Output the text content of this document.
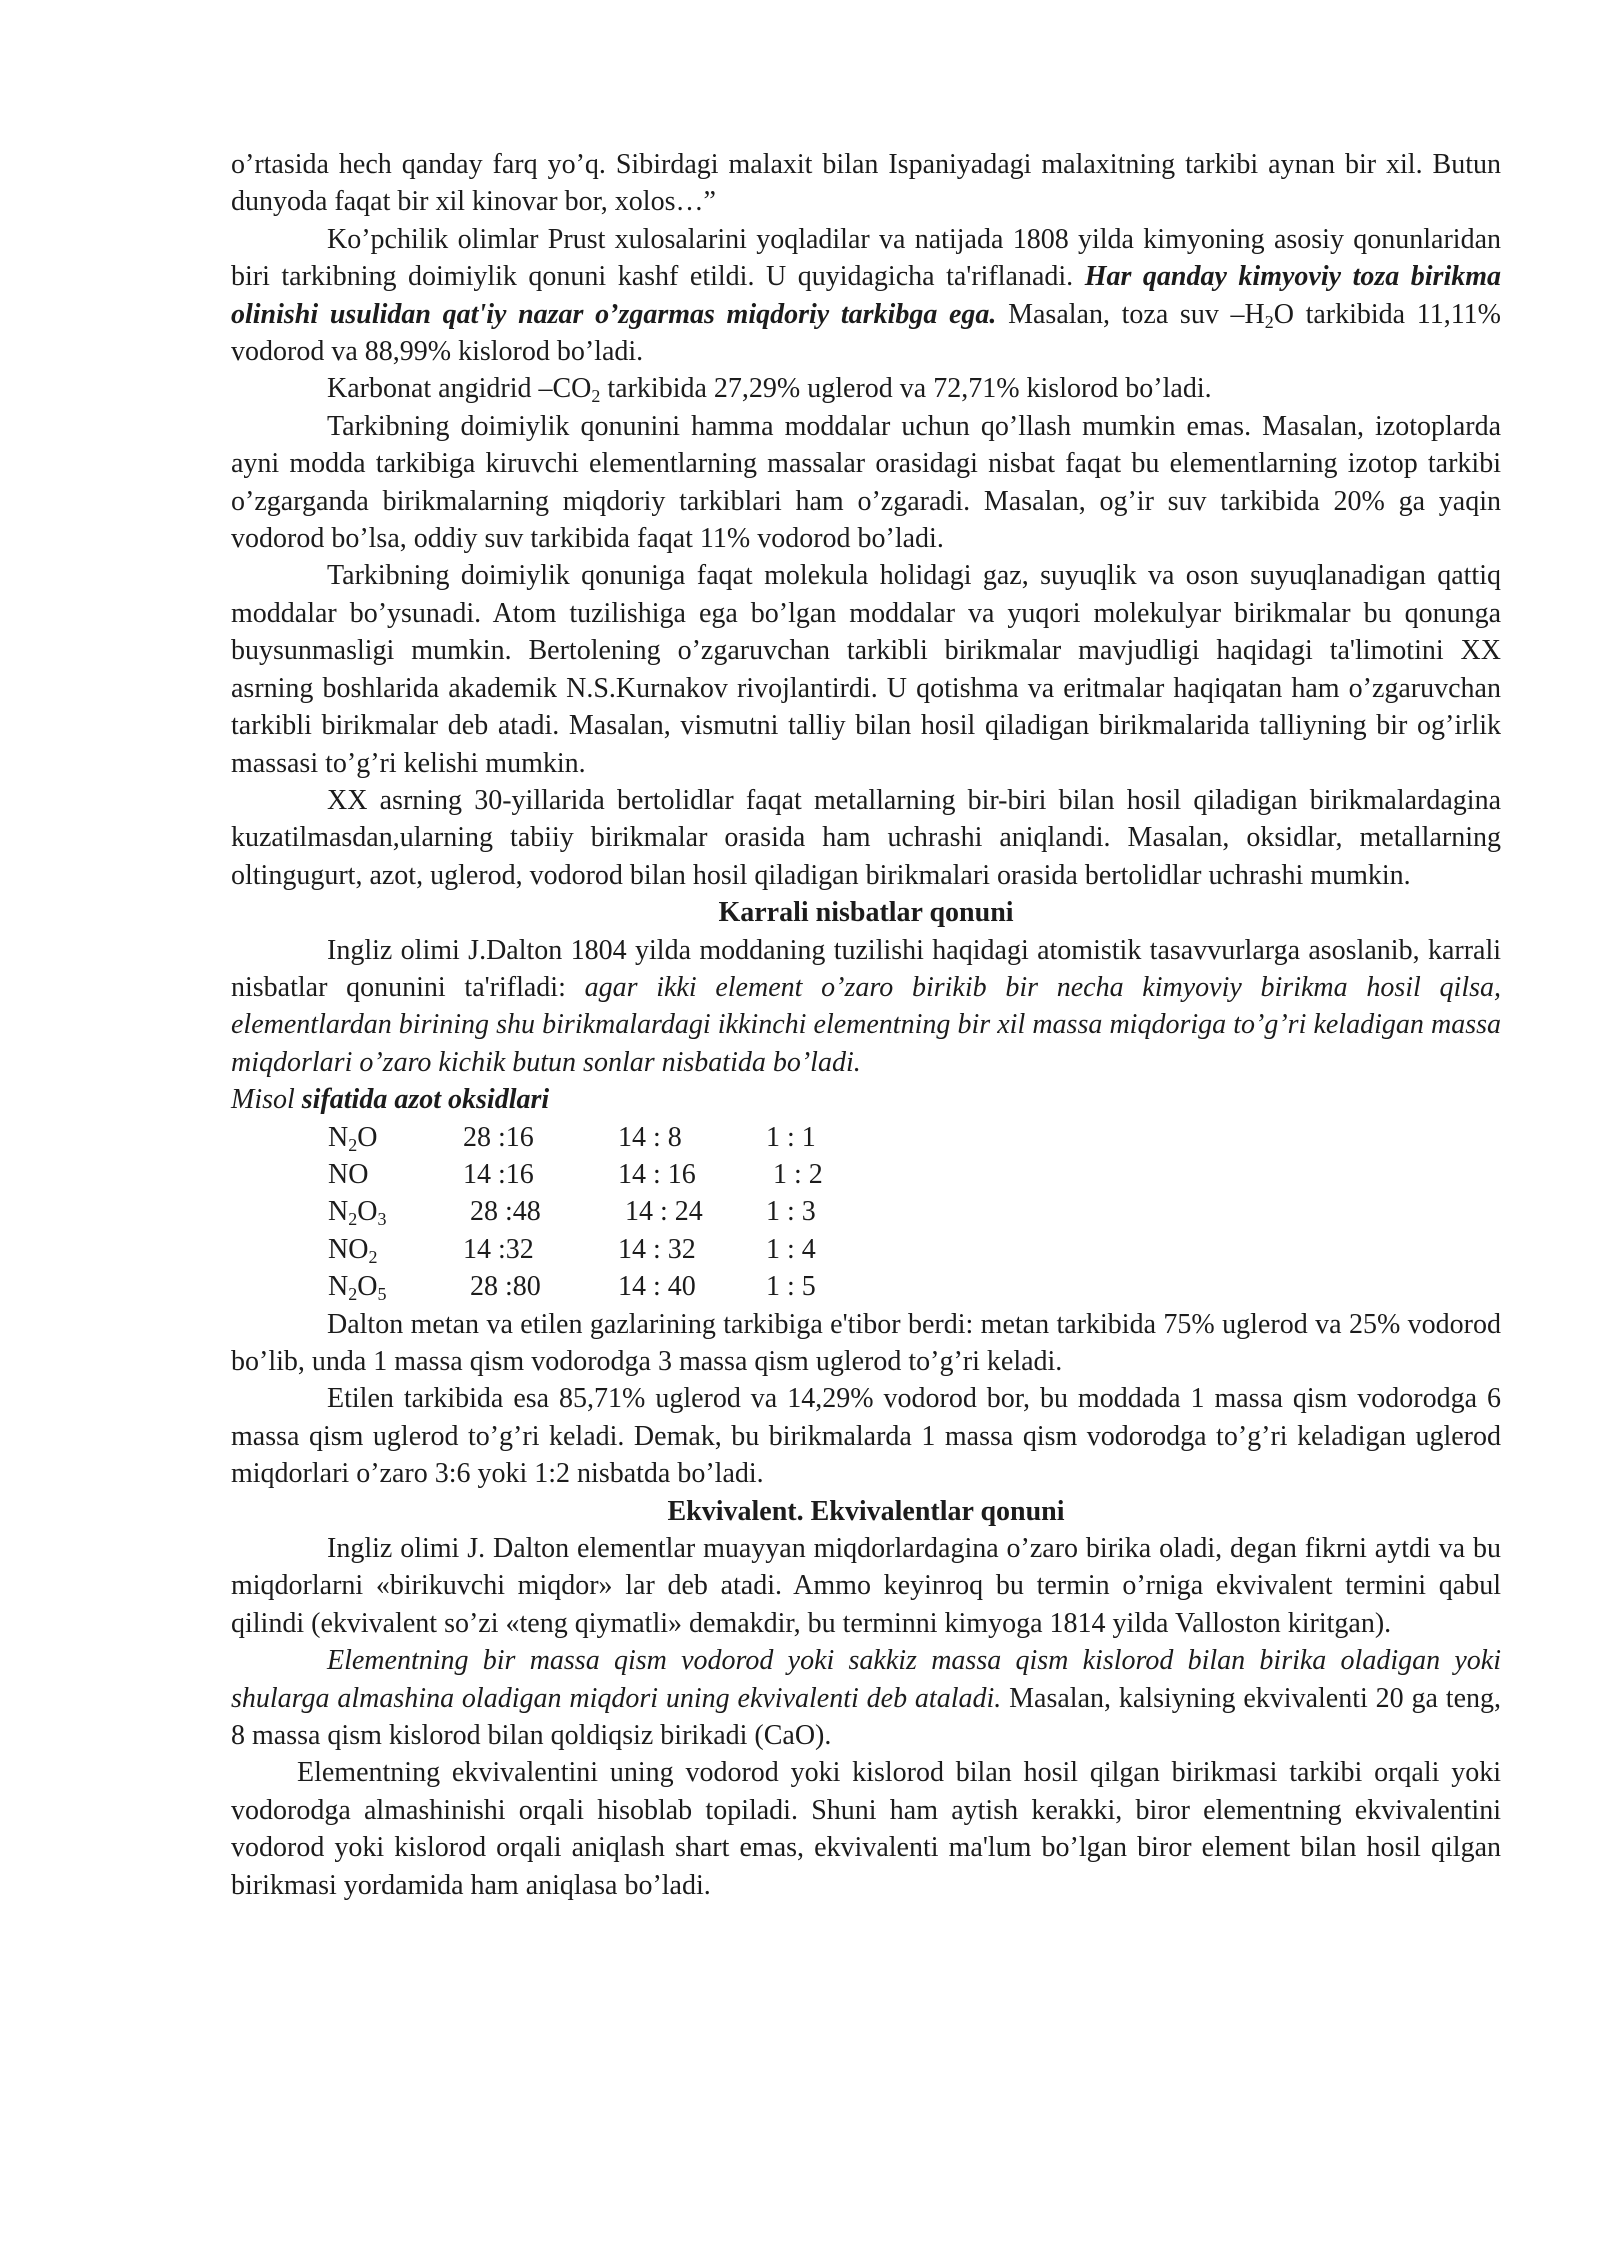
o’rtasida hech qanday farq yo’q. Sibirdagi malaxit bilan Ispaniyadagi malaxitning tarkibi aynan bir xil. Butun dunyoda faqat bir xil kinovar bor, xolos…”

Ko’pchilik olimlar Prust xulosalarini yoqladilar va natijada 1808 yilda kimyoning asosiy qonunlaridan biri tarkibning doimiylik qonuni kashf etildi. U quyidagicha ta'riflanadi. Har qanday kimyoviy toza birikma olinishi usulidan qat'iy nazar o’zgarmas miqdoriy tarkibga ega. Masalan, toza suv $-H_2O$ tarkibida 11,11% vodorod va 88,99% kislorod bo’ladi.

Karbonat angidrid $-CO_2$ tarkibida 27,29% uglerod va 72,71% kislorod bo’ladi.

Tarkibning doimiylik qonunini hamma moddalar uchun qo’llash mumkin emas. Masalan, izotoplarda ayni modda tarkibiga kiruvchi elementlarning massalar orasidagi nisbat faqat bu elementlarning izotop tarkibi o’zgarganda birikmalarning miqdoriy tarkiblari ham o’zgaradi. Masalan, og’ir suv tarkibida 20% ga yaqin vodorod bo’lsa, oddiy suv tarkibida faqat 11% vodorod bo’ladi.

Tarkibning doimiylik qonuniga faqat molekula holidagi gaz, suyuqlik va oson suyuqlanadigan qattiq moddalar bo’ysunadi. Atom tuzilishiga ega bo’lgan moddalar va yuqori molekulyar birikmalar bu qonunga buysunmasligi mumkin. Bertolening o’zgaruvchan tarkibli birikmalar mavjudligi haqidagi ta'limotini XX asrning boshlarida akademik N.S.Kurnakov rivojlantirdi. U qotishma va eritmalar haqiqatan ham o’zgaruvchan tarkibli birikmalar deb atadi. Masalan, vismutni talliy bilan hosil qiladigan birikmalarida talliyning bir og’irlik massasi to’g’ri kelishi mumkin.

XX asrning 30-yillarida bertolidlar faqat metallarning bir-biri bilan hosil qiladigan birikmalardagina kuzatilmasdan,ularning tabiiy birikmalar orasida ham uchrashi aniqlandi. Masalan, oksidlar, metallarning oltingugurt, azot, uglerod, vodorod bilan hosil qiladigan birikmalari orasida bertolidlar uchrashi mumkin.

Karrali nisbatlar qonuni

Ingliz olimi J.Dalton 1804 yilda moddaning tuzilishi haqidagi atomistik tasavvurlarga asoslanib, karrali nisbatlar qonunini ta'rifladi: agar ikki element o’zaro birikib bir necha kimyoviy birikma hosil qilsa, elementlardan birining shu birikmalardagi ikkinchi elementning bir xil massa miqdoriga to’g’ri keladigan massa miqdorlari o’zaro kichik butun sonlar nisbatida bo’ladi.

Misol sifatida azot oksidlari

$N_2O$	28 :16	14 : 8	1 : 1
NO	14 :16	14 : 16	1 : 2
$N_2O_3$	28 :48	14 : 24	1 : 3
$NO_2$	14 :32	14 : 32	1 : 4
$N_2O_5$	28 :80	14 : 40	1 : 5

Dalton metan va etilen gazlarining tarkibiga e'tibor berdi: metan tarkibida 75% uglerod va 25% vodorod bo’lib, unda 1 massa qism vodorodga 3 massa qism uglerod to’g’ri keladi.

Etilen tarkibida esa 85,71% uglerod va 14,29% vodorod bor, bu moddada 1 massa qism vodorodga 6 massa qism uglerod to’g’ri keladi. Demak, bu birikmalarda 1 massa qism vodorodga to’g’ri keladigan uglerod miqdorlari o’zaro 3:6 yoki 1:2 nisbatda bo’ladi.

Ekvivalent. Ekvivalentlar qonuni

Ingliz olimi J. Dalton elementlar muayyan miqdorlardagina o’zaro birika oladi, degan fikrni aytdi va bu miqdorlarni «birikuvchi miqdor» lar deb atadi. Ammo keyinroq bu termin o’rniga ekvivalent termini qabul qilindi (ekvivalent so’zi «teng qiymatli» demakdir, bu terminni kimyoga 1814 yilda Valloston kiritgan).

Elementning bir massa qism vodorod yoki sakkiz massa qism kislorod bilan birika oladigan yoki shularga almashina oladigan miqdori uning ekvivalenti deb ataladi. Masalan, kalsiyning ekvivalenti 20 ga teng, 8 massa qism kislorod bilan qoldiqsiz birikadi (CaO).

Elementning ekvivalentini uning vodorod yoki kislorod bilan hosil qilgan birikmasi tarkibi orqali yoki vodorodga almashinishi orqali hisoblab topiladi. Shuni ham aytish kerakki, biror elementning ekvivalentini vodorod yoki kislorod orqali aniqlash shart emas, ekvivalenti ma'lum bo’lgan biror element bilan hosil qilgan birikmasi yordamida ham aniqlasa bo’ladi.
